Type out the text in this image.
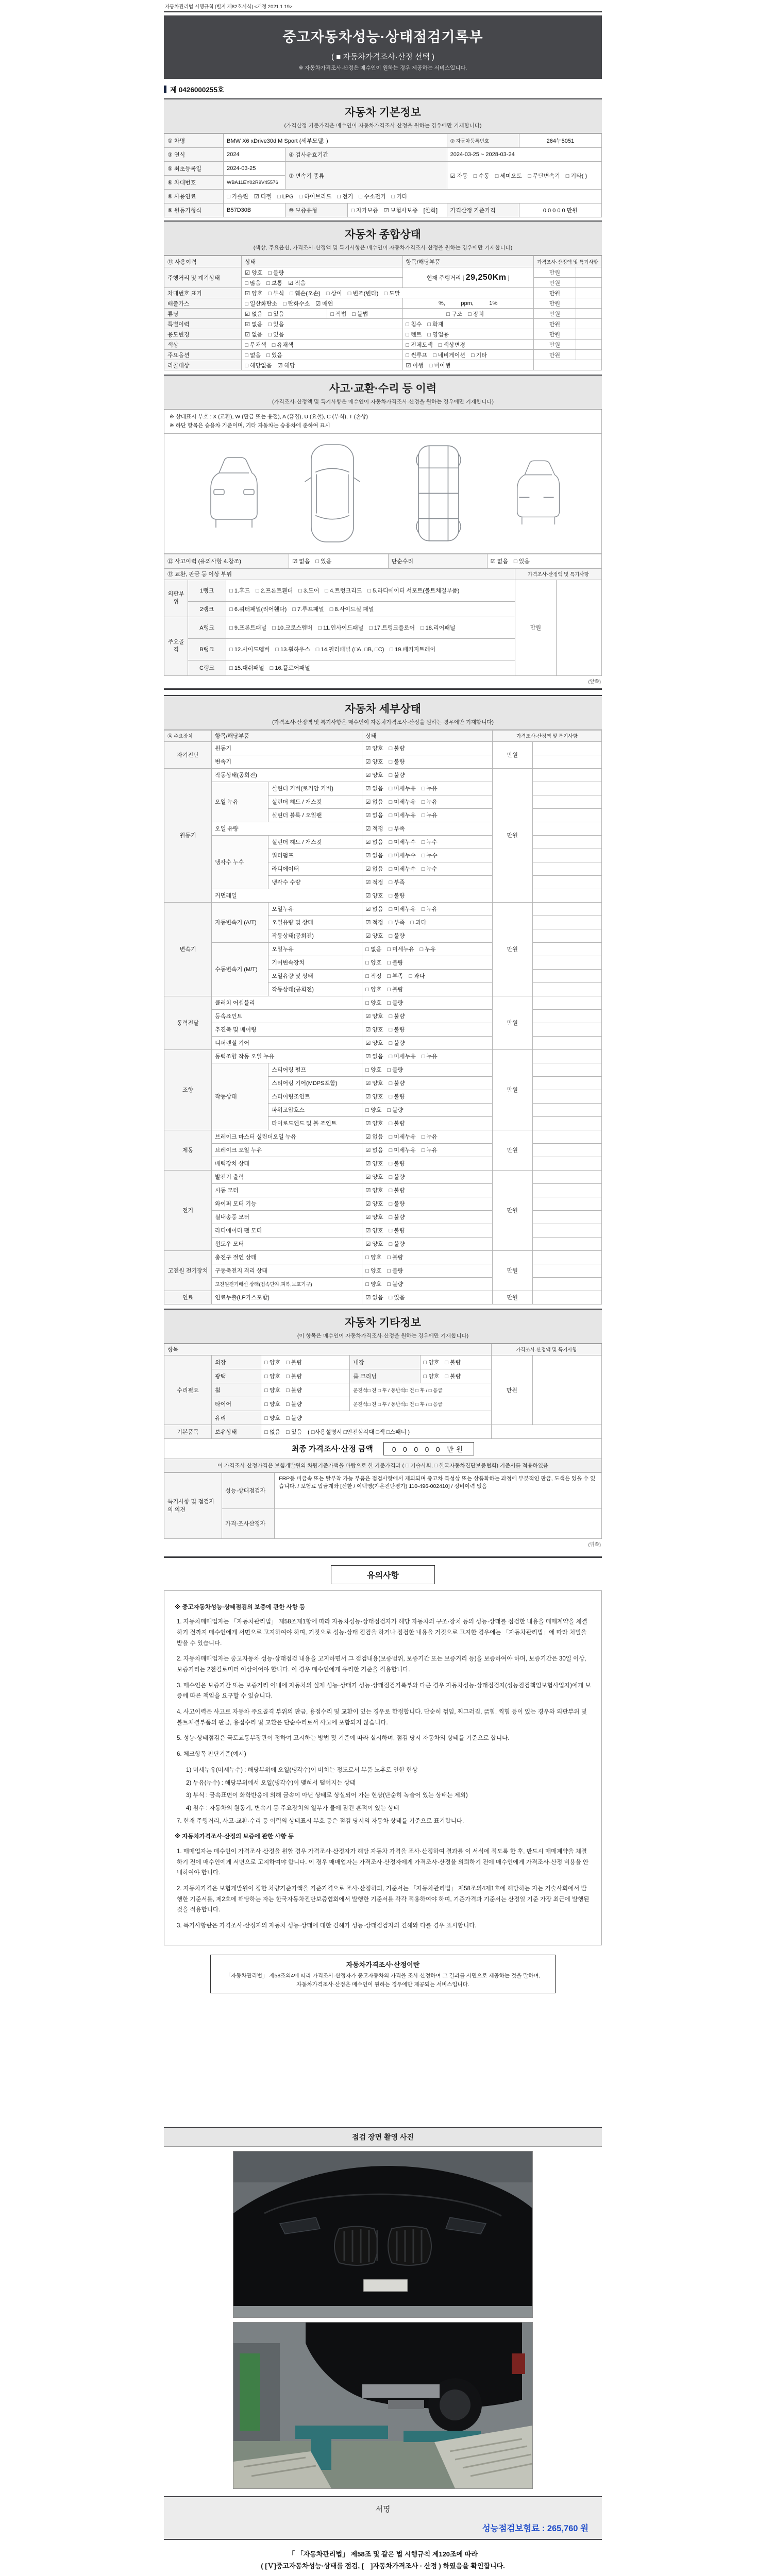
자동차관리법 시행규칙 [별지 제82호서식] <개정 2021.1.19>
중고자동차성능·상태점검기록부
( ■ 자동차가격조사·산정 선택 )
※ 자동차가격조사·산정은 매수인이 원하는 경우 제공하는 서비스입니다.
제 0426000255호
자동차 기본정보

(가격산정 기준가격은 매수인이 자동차가격조사·산정을 원하는 경우에만 기재합니다)

① 차명	BMW X6 xDrive30d M Sport (세부모델: )			② 자동차등록번호	264누5051
③ 연식	2024	④ 검사유효기간		2024-03-25 ~ 2028-03-24	
⑤ 최초등록일	2024-03-25	⑦ 변속기 종류		☑ 자동 □ 수동 □ 세미오토 □ 무단변속기 □ 기타( )	
⑥ 차대번호	WBA11EY02R9V45576				
⑧ 사용연료	□ 가솔린 ☑ 디젤 □ LPG □ 하이브리드 □ 전기 □ 수소전기 □ 기타				
⑨ 원동기형식	B57D30B	⑩ 보증유형	□ 자가보증 ☑ 보험사보증 [한화]	가격산정 기준가격	0 0 0 0 0 만원
자동차 종합상태

(색상, 주요옵션, 가격조사·산정액 및 특기사항은 매수인이 자동차가격조사·산정을 원하는 경우에만 기재합니다)

⑪ 사용이력	상태		항목/해당부품	가격조사·산정액 및 특기사항	
주행거리 및 계기상태	☑ 양호 □ 불량		현재 주행거리 [ 29,250Km ]	만원	
	□ 많음 □ 보통 ☑ 적음			만원	
차대번호 표기	☑ 양호 □ 부식 □ 훼손(오손) □ 상이 □ 변조(변타) □ 도말			만원	
배출가스	□ 일산화탄소 □ 탄화수소 ☑ 매연		%,          ppm,          1%	만원	
튜닝	☑ 없음 □ 있음	□ 적법 □ 불법	□ 구조 □ 장치	만원	
특별이력	☑ 없음 □ 있음		□ 침수 □ 화재	만원	
용도변경	☑ 없음 □ 있음		□ 렌트 □ 영업용	만원	
색상	□ 무채색 □ 유채색		□ 전체도색 □ 색상변경	만원	
주요옵션	□ 없음 □ 있음		□ 썬루프 □ 네비게이션 □ 기타	만원	
리콜대상	□ 해당없음 ☑ 해당		☑ 이행 □ 미이행		
사고·교환·수리 등 이력

(가격조사·산정액 및 특기사항은 매수인이 자동차가격조사·산정을 원하는 경우에만 기재합니다)

※ 상태표시 부호 : X (교환), W (판금 또는 용접), A (흠집), U (요철), C (부식), T (손상)
※ 하단 항목은 승용차 기준이며, 기타 자동차는 승용차에 준하여 표시
⑫ 사고이력 (유의사항 4.참조)	☑ 없음 □ 있음	단순수리	☑ 없음 □ 있음
⑬ 교환, 판금 등 이상 부위			가격조사·산정액 및 특기사항	
외판부위	1랭크	□ 1.후드 □ 2.프론트휀더 □ 3.도어 □ 4.트렁크리드 □ 5.라디에이터 서포트(볼트체결부품)	만원	
	2랭크	□ 6.쿼터패널(리어휀다) □ 7.루프패널 □ 8.사이드실 패널		
주요골격	A랭크	□ 9.프론트패널 □ 10.크로스멤버 □ 11.인사이드패널 □ 17.트렁크플로어 □ 18.리어패널		
	B랭크	□ 12.사이드멤버 □ 13.휠하우스 □ 14.필러패널 (□A, □B, □C) □ 19.패키지트레이		
	C랭크	□ 15.대쉬패널 □ 16.플로어패널		
(앞쪽)
자동차 세부상태

(가격조사·산정액 및 특기사항은 매수인이 자동차가격조사·산정을 원하는 경우에만 기재합니다)

⑭ 주요장치	항목/해당부품		상태	가격조사·산정액 및 특기사항	
자기진단	원동기		☑ 양호 □ 불량	만원	
	변속기		☑ 양호 □ 불량		
원동기	작동상태(공회전)		☑ 양호 □ 불량	만원	
	오일 누유	실린더 커버(로커암 커버)	☑ 없음 □ 미세누유 □ 누유		
		실린더 헤드 / 개스킷	☑ 없음 □ 미세누유 □ 누유		
		실린더 블록 / 오일팬	☑ 없음 □ 미세누유 □ 누유		
	오일 유량		☑ 적정 □ 부족		
	냉각수 누수	실린더 헤드 / 개스킷	☑ 없음 □ 미세누수 □ 누수		
		워터펌프	☑ 없음 □ 미세누수 □ 누수		
		라디에이터	☑ 없음 □ 미세누수 □ 누수		
		냉각수 수량	☑ 적정 □ 부족		
	커먼레일		☑ 양호 □ 불량		
변속기	자동변속기 (A/T)	오일누유	☑ 없음 □ 미세누유 □ 누유	만원	
		오일유량 및 상태	☑ 적정 □ 부족 □ 과다		
		작동상태(공회전)	☑ 양호 □ 불량		
	수동변속기 (M/T)	오일누유	□ 없음 □ 미세누유 □ 누유		
		기어변속장치	□ 양호 □ 불량		
		오일유량 및 상태	□ 적정 □ 부족 □ 과다		
		작동상태(공회전)	□ 양호 □ 불량		
동력전달	클러치 어셈블리		□ 양호 □ 불량	만원	
	등속죠인트		☑ 양호 □ 불량		
	추진축 및 베어링		☑ 양호 □ 불량		
	디퍼렌셜 기어		☑ 양호 □ 불량		
조향	동력조향 작동 오일 누유		☑ 없음 □ 미세누유 □ 누유	만원	
	작동상태	스티어링 펌프	□ 양호 □ 불량		
		스티어링 기어(MDPS포함)	☑ 양호 □ 불량		
		스티어링조인트	☑ 양호 □ 불량		
		파워고압호스	□ 양호 □ 불량		
		타이로드엔드 및 볼 조인트	☑ 양호 □ 불량		
제동	브레이크 마스터 실린더오일 누유		☑ 없음 □ 미세누유 □ 누유	만원	
	브레이크 오일 누유		☑ 없음 □ 미세누유 □ 누유		
	배력장치 상태		☑ 양호 □ 불량		
전기	발전기 출력		☑ 양호 □ 불량	만원	
	시동 모터		☑ 양호 □ 불량		
	와이퍼 모터 기능		☑ 양호 □ 불량		
	실내송풍 모터		☑ 양호 □ 불량		
	라디에이터 팬 모터		☑ 양호 □ 불량		
	윈도우 모터		☑ 양호 □ 불량		
고전원 전기장치	충전구 절연 상태		□ 양호 □ 불량	만원	
	구동축전지 격리 상태		□ 양호 □ 불량		
	고전원전기배선 상태(접속단자,피복,보호기구)		□ 양호 □ 불량		
연료	연료누출(LP가스포함)		☑ 없음 □ 있음	만원	
자동차 기타정보

(이 항목은 매수인이 자동차가격조사·산정을 원하는 경우에만 기재합니다)

항목					가격조사·산정액 및 특기사항	
수리필요	외장	□ 양호 □ 불량	내장	□ 양호 □ 불량	만원	
	광택	□ 양호 □ 불량	룸 크리닝	□ 양호 □ 불량		
	휠	□ 양호 □ 불량	운전석□ 전 □ 후 / 동반석□ 전 □ 후 / □ 응급			
	타이어	□ 양호 □ 불량	운전석□ 전 □ 후 / 동반석□ 전 □ 후 / □ 응급			
	유리	□ 양호 □ 불량				
기본품목	보유상태	□ 없음 □ 있음 ( □사용설명서 □안전삼각대 □잭 □스패너 )				
최종 가격조사·산정 금액	0 0 0 0 0 만원
이 가격조사·산정가격은 보험개발원의 차량기준가액을 바탕으로 한 기준가격과 ( □ 기술사회, □ 한국자동차진단보증협회) 기준서를 적용하였음
특기사항 및 점검자의 의견	성능·상태점검자	FRP등 비금속 또는 탈부착 가능 부품은 점검사항에서 제외되며 중고차 특성상 또는 상품화하는 과정에 부분적인 판금, 도색은 있을 수 있습니다. / 보험료 입금계좌 [신한 / 이택영(가온진단평가) 110-496-002410] / 정비이력 없음
	가격·조사산정자	
(뒤쪽)
유의사항
※ 중고자동차성능·상태점검의 보증에 관한 사항 등
1. 자동차매매업자는 「자동차관리법」 제58조제1항에 따라 자동차성능·상태점검자가 해당 자동차의 구조·장치 등의 성능·상태를 점검한 내용을 매매계약을 체결하기 전까지 매수인에게 서면으로 고지하여야 하며, 거짓으로 성능·상태 점검을 하거나 점검한 내용을 거짓으로 고지한 경우에는 「자동차관리법」에 따라 처벌을 받을 수 있습니다.
2. 자동차매매업자는 중고자동차 성능·상태점검 내용을 고지하면서 그 점검내용(보증범위, 보증기간 또는 보증거리 등)을 보증하여야 하며, 보증기간은 30일 이상, 보증거리는 2천킬로미터 이상이어야 합니다. 이 경우 매수인에게 유리한 기준을 적용합니다.
3. 매수인은 보증기간 또는 보증거리 이내에 자동차의 실제 성능·상태가 성능·상태점검기록부와 다른 경우 자동차성능·상태점검자(성능점검책임보험사업자)에게 보증에 따른 책임을 요구할 수 있습니다.
4. 사고이력은 사고로 자동차 주요골격 부위의 판금, 용접수리 및 교환이 있는 경우로 한정합니다. 단순히 꺾임, 찌그러짐, 긁힘, 찍힘 등이 있는 경우와 외판부위 및 볼트체결부품의 판금, 용접수리 및 교환은 단순수리로서 사고에 포함되지 않습니다.
5. 성능·상태점검은 국토교통부장관이 정하여 고시하는 방법 및 기준에 따라 실시하며, 점검 당시 자동차의 상태를 기준으로 합니다.
6. 체크항목 판단기준(예시)
1) 미세누유(미세누수) : 해당부위에 오일(냉각수)이 비치는 정도로서 부품 노후로 인한 현상
2) 누유(누수) : 해당부위에서 오일(냉각수)이 맺혀서 떨어지는 상태
3) 부식 : 금속표면이 화학반응에 의해 금속이 아닌 상태로 상실되어 가는 현상(단순히 녹슬어 있는 상태는 제외)
4) 침수 : 자동차의 원동기, 변속기 등 주요장치의 일부가 물에 잠긴 흔적이 있는 상태
7. 현재 주행거리, 사고·교환·수리 등 이력의 상태표시 부호 등은 점검 당시의 자동차 상태를 기준으로 표기합니다.
※ 자동차가격조사·산정의 보증에 관한 사항 등
1. 매매업자는 매수인이 가격조사·산정을 원할 경우 가격조사·산정자가 해당 자동차 가격을 조사·산정하여 결과를 이 서식에 적도록 한 후, 반드시 매매계약을 체결하기 전에 매수인에게 서면으로 고지하여야 합니다. 이 경우 매매업자는 가격조사·산정자에게 가격조사·산정을 의뢰하기 전에 매수인에게 가격조사·산정 비용을 안내하여야 합니다.
2. 자동차가격은 보험개발원이 정한 차량기준가액을 기준가격으로 조사·산정하되, 기준서는 「자동차관리법」 제58조의4제1호에 해당하는 자는 기술사회에서 발행한 기준서를, 제2호에 해당하는 자는 한국자동차진단보증협회에서 발행한 기준서를 각각 적용하여야 하며, 기준가격과 기준서는 산정일 기준 가장 최근에 발행된 것을 적용합니다.
3. 특기사항란은 가격조사·산정자의 자동차 성능·상태에 대한 견해가 성능·상태점검자의 견해와 다를 경우 표시합니다.
자동차가격조사·산정이란
「자동차관리법」 제58조의4에 따라 가격조사·산정자가 중고자동차의 가격을 조사·산정하여 그 결과를 서면으로 제공하는 것을 말하며,
자동차가격조사·산정은 매수인이 원하는 경우에만 제공되는 서비스입니다.
점검 장면 촬영 사진
서명
성능점검보험료 : 265,760 원
「 「자동차관리법」 제58조 및 같은 법 시행규칙 제120조에 따라
( [Ｖ]중고자동차성능·상태를 점검, [　]자동차가격조사 · 산정 ) 하였음을 확인합니다.
